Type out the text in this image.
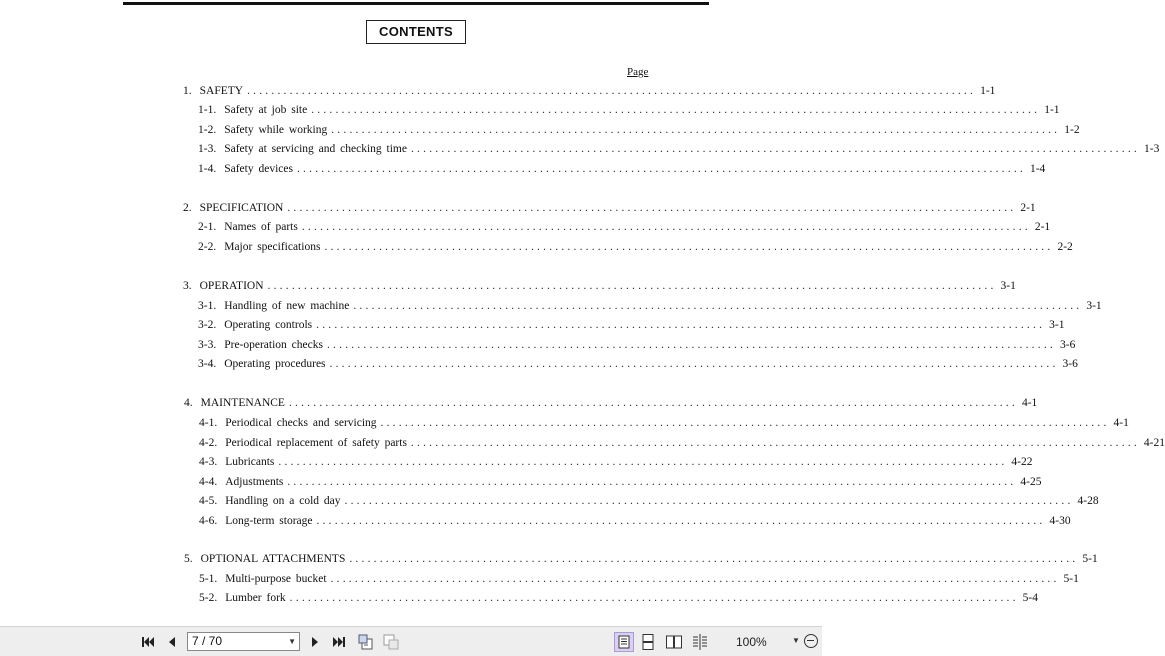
CONTENTS
Page
1. SAFETY ........................................................................................................................ 1-1
1-1. Safety at job site ........................................................................................................................ 1-1
1-2. Safety while working ........................................................................................................................ 1-2
1-3. Safety at servicing and checking time ........................................................................................................................ 1-3
1-4. Safety devices ........................................................................................................................ 1-4
2. SPECIFICATION ........................................................................................................................ 2-1
2-1. Names of parts ........................................................................................................................ 2-1
2-2. Major specifications ........................................................................................................................ 2-2
3. OPERATION ........................................................................................................................ 3-1
3-1. Handling of new machine ........................................................................................................................ 3-1
3-2. Operating controls ........................................................................................................................ 3-1
3-3. Pre-operation checks ........................................................................................................................ 3-6
3-4. Operating procedures ........................................................................................................................ 3-6
4. MAINTENANCE ........................................................................................................................ 4-1
4-1. Periodical checks and servicing ........................................................................................................................ 4-1
4-2. Periodical replacement of safety parts ........................................................................................................................ 4-21
4-3. Lubricants ........................................................................................................................ 4-22
4-4. Adjustments ........................................................................................................................ 4-25
4-5. Handling on a cold day ........................................................................................................................ 4-28
4-6. Long-term storage ........................................................................................................................ 4-30
5. OPTIONAL ATTACHMENTS ........................................................................................................................ 5-1
5-1. Multi-purpose bucket ........................................................................................................................ 5-1
5-2. Lumber fork ........................................................................................................................ 5-4
7 / 70	▼	100%	▼
